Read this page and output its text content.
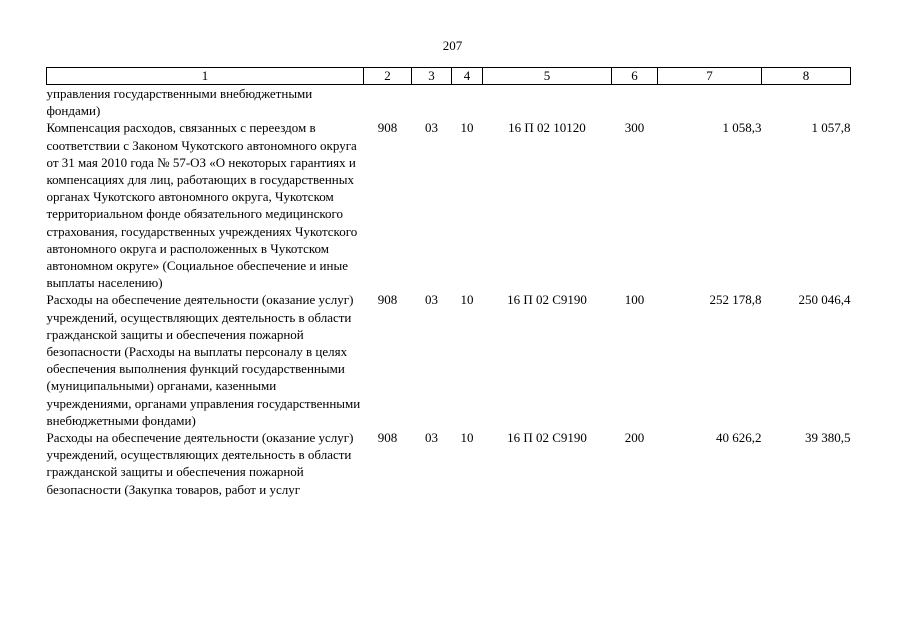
207
1	2	3	4	5	6	7	8
управления государственными внебюджетными фондами)							
Компенсация расходов, связанных с переездом в соответствии с Законом Чукотского автономного округа от 31 мая 2010 года № 57-ОЗ «О некоторых гарантиях и компенсациях для лиц, работающих в государственных органах Чукотского автономного округа, Чукотском территориальном фонде обязательного медицинского страхования, государственных учреждениях Чукотского автономного округа и расположенных в Чукотском автономном округе» (Социальное обеспечение и иные выплаты населению)	908	03	10	16 П 02 10120	300	1 058,3	1 057,8
Расходы на обеспечение деятельности (оказание услуг) учреждений, осуществляющих деятельность в области гражданской защиты и обеспечения пожарной безопасности (Расходы на выплаты персоналу в целях обеспечения выполнения функций государственными (муниципальными) органами, казенными учреждениями, органами управления государственными внебюджетными фондами)	908	03	10	16 П 02 С9190	100	252 178,8	250 046,4
Расходы на обеспечение деятельности (оказание услуг) учреждений, осуществляющих деятельность в области гражданской защиты и обеспечения пожарной безопасности (Закупка товаров, работ и услуг	908	03	10	16 П 02 С9190	200	40 626,2	39 380,5
